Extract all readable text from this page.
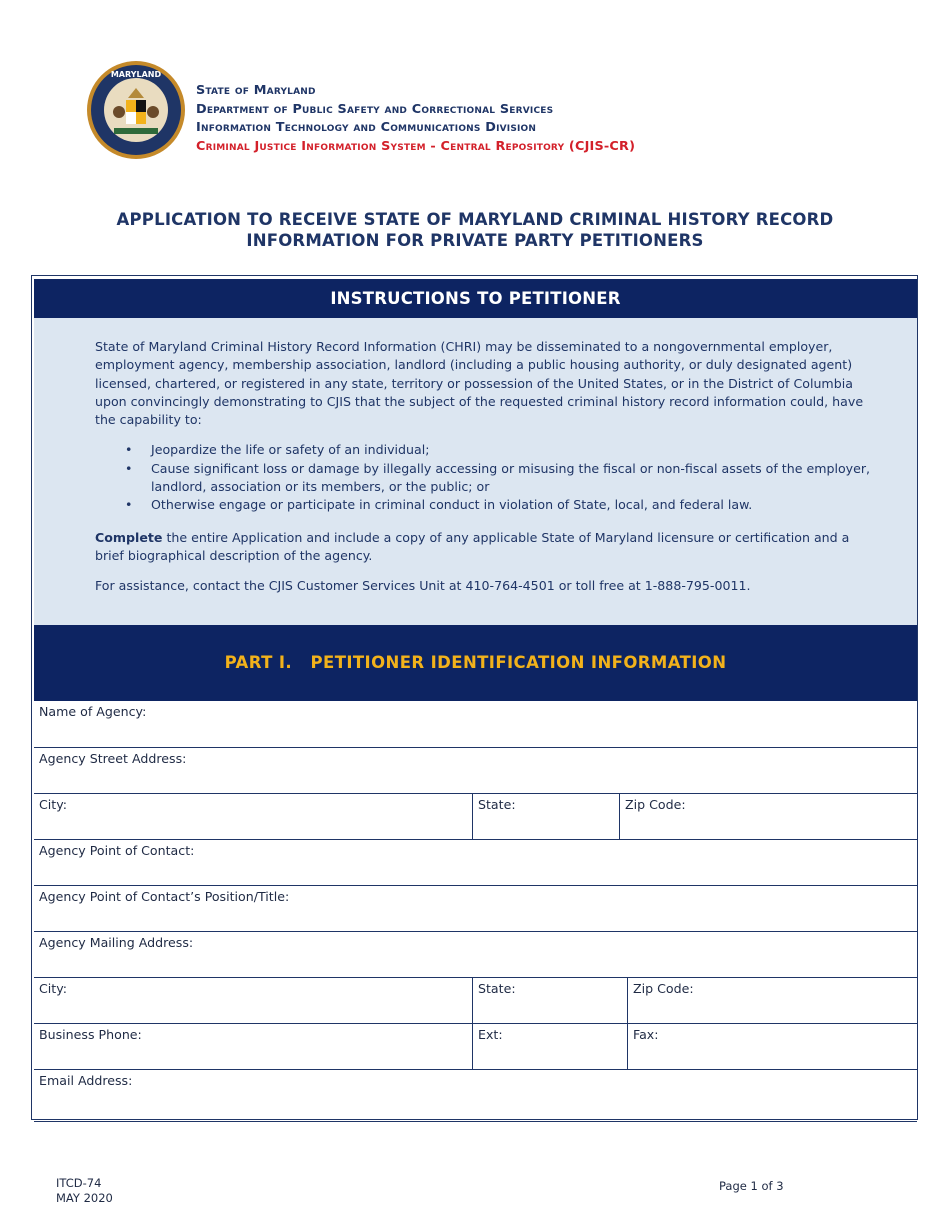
MARYLAND
State of Maryland
Department of Public Safety and Correctional Services
Information Technology and Communications Division
Criminal Justice Information System - Central Repository (CJIS-CR)
APPLICATION TO RECEIVE STATE OF MARYLAND CRIMINAL HISTORY RECORD
INFORMATION FOR PRIVATE PARTY PETITIONERS
INSTRUCTIONS TO PETITIONER

State of Maryland Criminal History Record Information (CHRI) may be disseminated to a nongovernmental employer, employment agency, membership association, landlord (including a public housing authority, or duly designated agent) licensed, chartered, or registered in any state, territory or possession of the United States, or in the District of Columbia upon convincingly demonstrating to CJIS that the subject of the requested criminal history record information could, have the capability to:

• Jeopardize the life or safety of an individual;
• Cause significant loss or damage by illegally accessing or misusing the fiscal or non-fiscal assets of the employer, landlord, association or its members, or the public; or
• Otherwise engage or participate in criminal conduct in violation of State, local, and federal law.

Complete the entire Application and include a copy of any applicable State of Maryland licensure or certification and a brief biographical description of the agency.

For assistance, contact the CJIS Customer Services Unit at 410-764-4501 or toll free at 1-888-795-0011.

PART I.   PETITIONER IDENTIFICATION INFORMATION
Name of Agency:
Agency Street Address:
City:	State:	Zip Code:
Agency Point of Contact:
Agency Point of Contact’s Position/Title:
Agency Mailing Address:
City:	State:	Zip Code:
Business Phone:	Ext:	Fax:
Email Address:
ITCD-74
MAY 2020
Page 1 of 3
